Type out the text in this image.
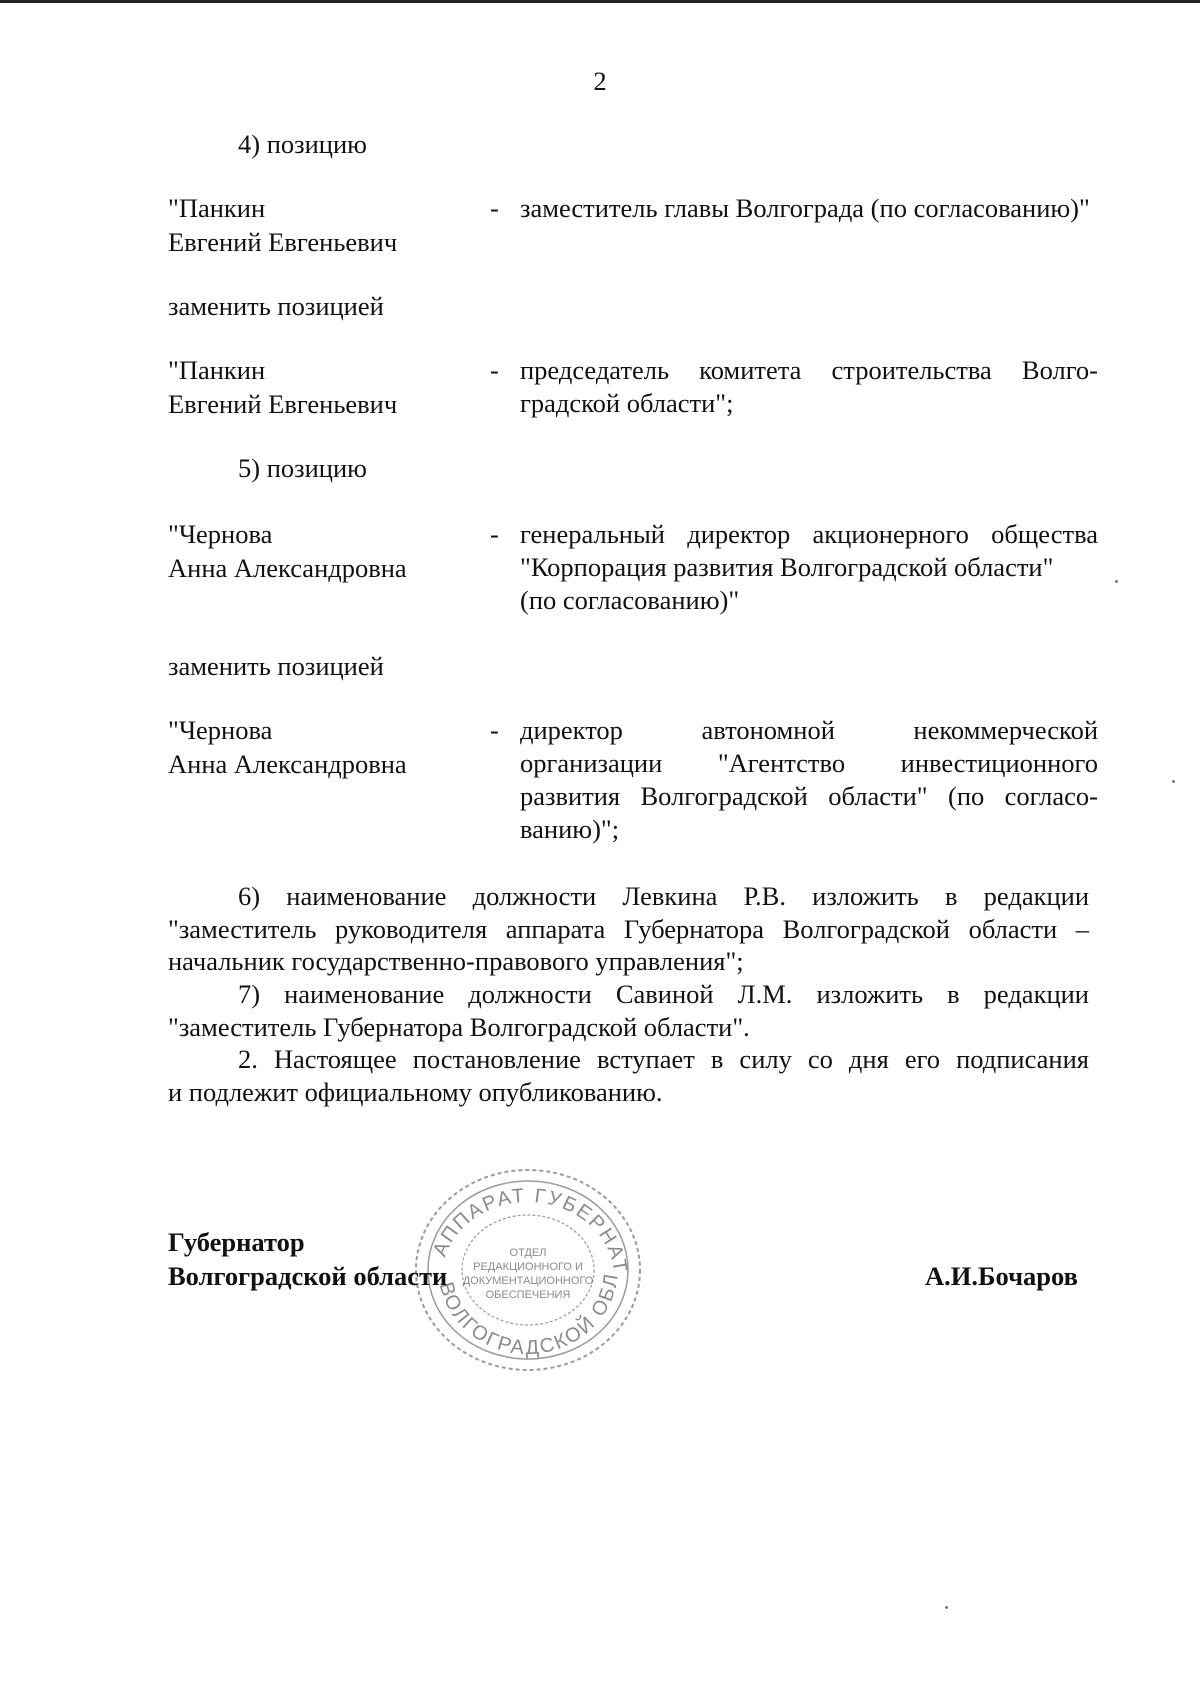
2
4) позицию
"Панкин
Евгений Евгеньевич
- заместитель главы Волгограда (по согласованию)"
заменить позицией
"Панкин
Евгений Евгеньевич
- председатель комитета строительства Волго-

градской области";

5) позицию
"Чернова
Анна Александровна
- генеральный директор акционерного общества

"Корпорация развития Волгоградской области"

(по согласованию)"

заменить позицией
"Чернова
Анна Александровна
- директор автономной некоммерческой

организации "Агентство инвестиционного

развития Волгоградской области" (по согласо-

ванию)";

6) наименование должности Левкина Р.В. изложить в редакции

"заместитель руководителя аппарата Губернатора Волгоградской области –

начальник государственно-правового управления";

7) наименование должности Савиной Л.М. изложить в редакции

"заместитель Губернатора Волгоградской области".

2. Настоящее постановление вступает в силу со дня его подписания

и подлежит официальному опубликованию.

АППАРАТ ГУБЕРНАТ
ВОЛГОГРАДСКОЙ ОБЛ
ОТДЕЛ
РЕДАКЦИОННОГО И
ДОКУМЕНТАЦИОННОГО
ОБЕСПЕЧЕНИЯ
Губернатор
Волгоградской области	А.И.Бочаров
